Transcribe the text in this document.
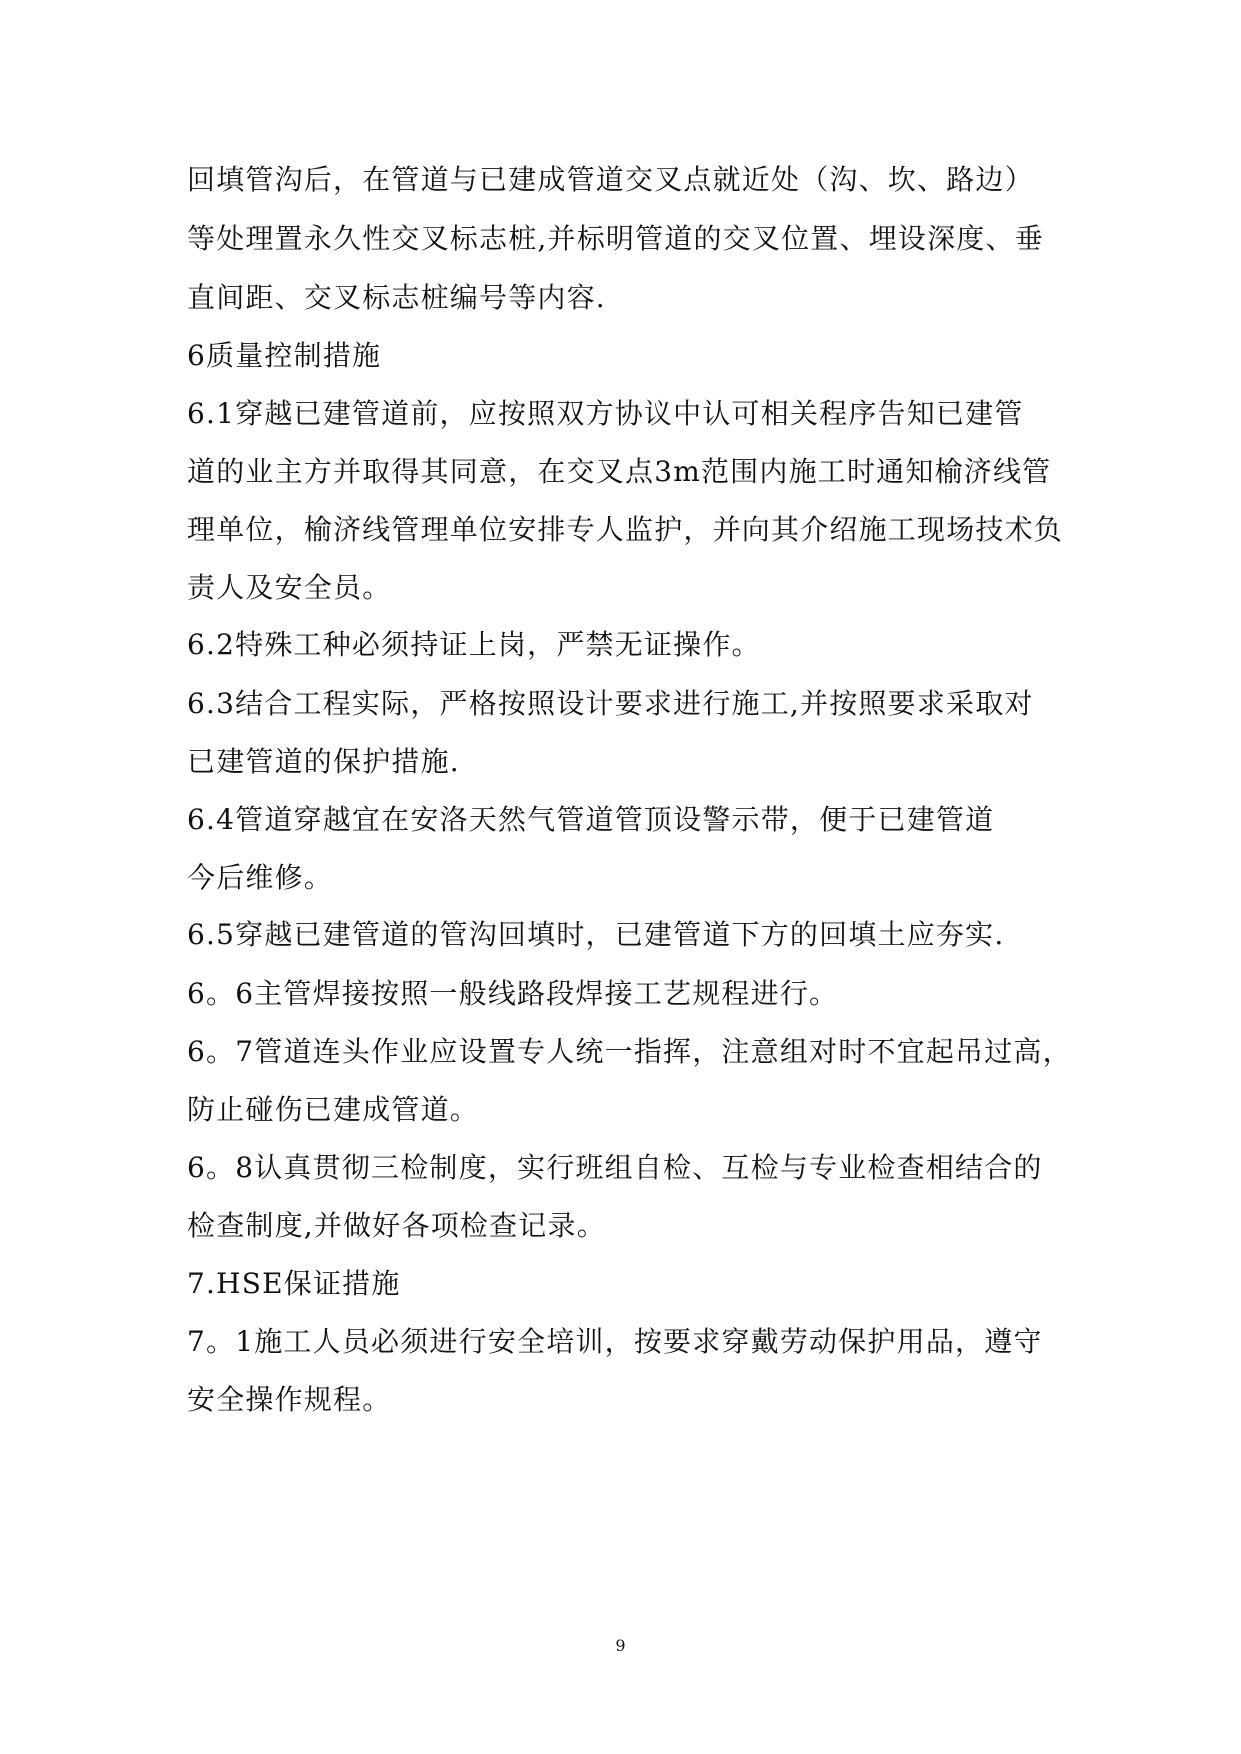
回填管沟后，在管道与已建成管道交叉点就近处（沟、坎、路边）
等处理置永久性交叉标志桩,并标明管道的交叉位置、埋设深度、垂
直间距、交叉标志桩编号等内容.
6质量控制措施
6.1穿越已建管道前，应按照双方协议中认可相关程序告知已建管
道的业主方并取得其同意，在交叉点3m范围内施工时通知榆济线管
理单位，榆济线管理单位安排专人监护，并向其介绍施工现场技术负
责人及安全员。
6.2特殊工种必须持证上岗，严禁无证操作。
6.3结合工程实际，严格按照设计要求进行施工,并按照要求采取对
已建管道的保护措施.
6.4管道穿越宜在安洛天然气管道管顶设警示带，便于已建管道
今后维修。
6.5穿越已建管道的管沟回填时，已建管道下方的回填土应夯实.
6。6主管焊接按照一般线路段焊接工艺规程进行。
6。7管道连头作业应设置专人统一指挥，注意组对时不宜起吊过高，
防止碰伤已建成管道。
6。8认真贯彻三检制度，实行班组自检、互检与专业检查相结合的
检查制度,并做好各项检查记录。
7.HSE保证措施
7。1施工人员必须进行安全培训，按要求穿戴劳动保护用品，遵守
安全操作规程。
9
